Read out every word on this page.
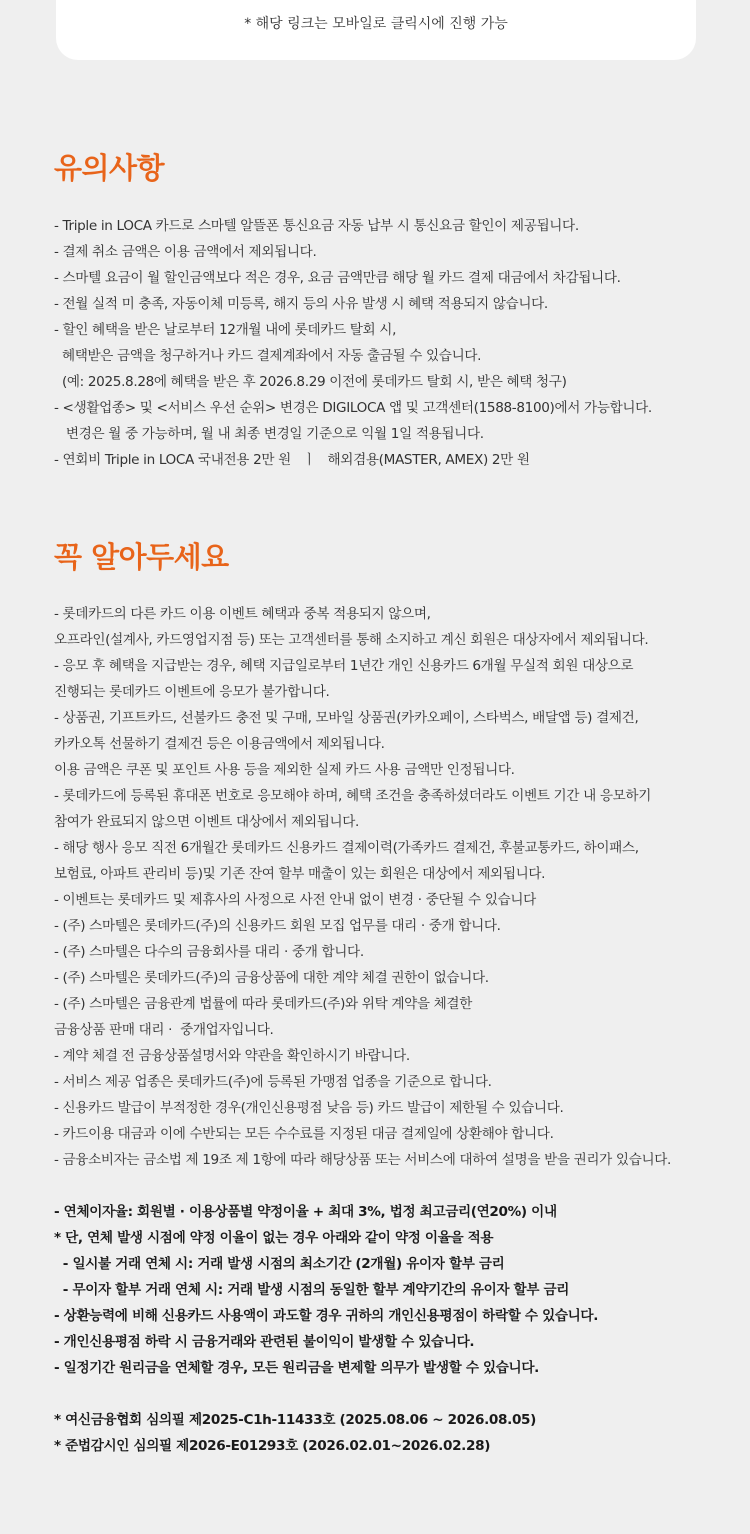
* 해당 링크는 모바일로 클릭시에 진행 가능
유의사항
- Triple in LOCA 카드로 스마텔 알뜰폰 통신요금 자동 납부 시 통신요금 할인이 제공됩니다.
- 결제 취소 금액은 이용 금액에서 제외됩니다.
- 스마텔 요금이 월 할인금액보다 적은 경우, 요금 금액만큼 해당 월 카드 결제 대금에서 차감됩니다.
- 전월 실적 미 충족, 자동이체 미등록, 해지 등의 사유 발생 시 혜택 적용되지 않습니다.
- 할인 혜택을 받은 날로부터 12개월 내에 롯데카드 탈회 시,
혜택받은 금액을 청구하거나 카드 결제계좌에서 자동 출금될 수 있습니다.
(예: 2025.8.28에 혜택을 받은 후 2026.8.29 이전에 롯데카드 탈회 시, 받은 혜택 청구)
- <생활업종> 및 <서비스 우선 순위> 변경은 DIGILOCA 앱 및 고객센터(1588-8100)에서 가능합니다.
변경은 월 중 가능하며, 월 내 최종 변경일 기준으로 익월 1일 적용됩니다.
- 연회비 Triple in LOCA 국내전용 2만 원   ㅣ   해외겸용(MASTER, AMEX) 2만 원
꼭 알아두세요
- 롯데카드의 다른 카드 이용 이벤트 혜택과 중복 적용되지 않으며,
오프라인(설계사, 카드영업지점 등) 또는 고객센터를 통해 소지하고 계신 회원은 대상자에서 제외됩니다.
- 응모 후 혜택을 지급받는 경우, 혜택 지급일로부터 1년간 개인 신용카드 6개월 무실적 회원 대상으로
진행되는 롯데카드 이벤트에 응모가 불가합니다.
- 상품권, 기프트카드, 선불카드 충전 및 구매, 모바일 상품권(카카오페이, 스타벅스, 배달앱 등) 결제건,
카카오톡 선물하기 결제건 등은 이용금액에서 제외됩니다.
이용 금액은 쿠폰 및 포인트 사용 등을 제외한 실제 카드 사용 금액만 인정됩니다.
- 롯데카드에 등록된 휴대폰 번호로 응모해야 하며, 혜택 조건을 충족하셨더라도 이벤트 기간 내 응모하기
참여가 완료되지 않으면 이벤트 대상에서 제외됩니다.
- 해당 행사 응모 직전 6개월간 롯데카드 신용카드 결제이력(가족카드 결제건, 후불교통카드, 하이패스,
보험료, 아파트 관리비 등)및 기존 잔여 할부 매출이 있는 회원은 대상에서 제외됩니다.
- 이벤트는 롯데카드 및 제휴사의 사정으로 사전 안내 없이 변경 · 중단될 수 있습니다
- (주) 스마텔은 롯데카드(주)의 신용카드 회원 모집 업무를 대리 · 중개 합니다.
- (주) 스마텔은 다수의 금융회사를 대리 · 중개 합니다.
- (주) 스마텔은 롯데카드(주)의 금융상품에 대한 계약 체결 권한이 없습니다.
- (주) 스마텔은 금융관계 법률에 따라 롯데카드(주)와 위탁 계약을 체결한
금융상품 판매 대리 ·  중개업자입니다.
- 계약 체결 전 금융상품설명서와 약관을 확인하시기 바랍니다.
- 서비스 제공 업종은 롯데카드(주)에 등록된 가맹점 업종을 기준으로 합니다.
- 신용카드 발급이 부적정한 경우(개인신용평점 낮음 등) 카드 발급이 제한될 수 있습니다.
- 카드이용 대금과 이에 수반되는 모든 수수료를 지정된 대금 결제일에 상환해야 합니다.
- 금융소비자는 금소법 제 19조 제 1항에 따라 해당상품 또는 서비스에 대하여 설명을 받을 권리가 있습니다.
- 연체이자율: 회원별 · 이용상품별 약정이율 + 최대 3%, 법정 최고금리(연20%) 이내
* 단, 연체 발생 시점에 약정 이율이 없는 경우 아래와 같이 약정 이율을 적용
- 일시불 거래 연체 시: 거래 발생 시점의 최소기간 (2개월) 유이자 할부 금리
- 무이자 할부 거래 연체 시: 거래 발생 시점의 동일한 할부 계약기간의 유이자 할부 금리
- 상환능력에 비해 신용카드 사용액이 과도할 경우 귀하의 개인신용평점이 하락할 수 있습니다.
- 개인신용평점 하락 시 금융거래와 관련된 불이익이 발생할 수 있습니다.
- 일정기간 원리금을 연체할 경우, 모든 원리금을 변제할 의무가 발생할 수 있습니다.
* 여신금융협회 심의필 제2025-C1h-11433호 (2025.08.06 ~ 2026.08.05)
* 준법감시인 심의필 제2026-E01293호 (2026.02.01~2026.02.28)
